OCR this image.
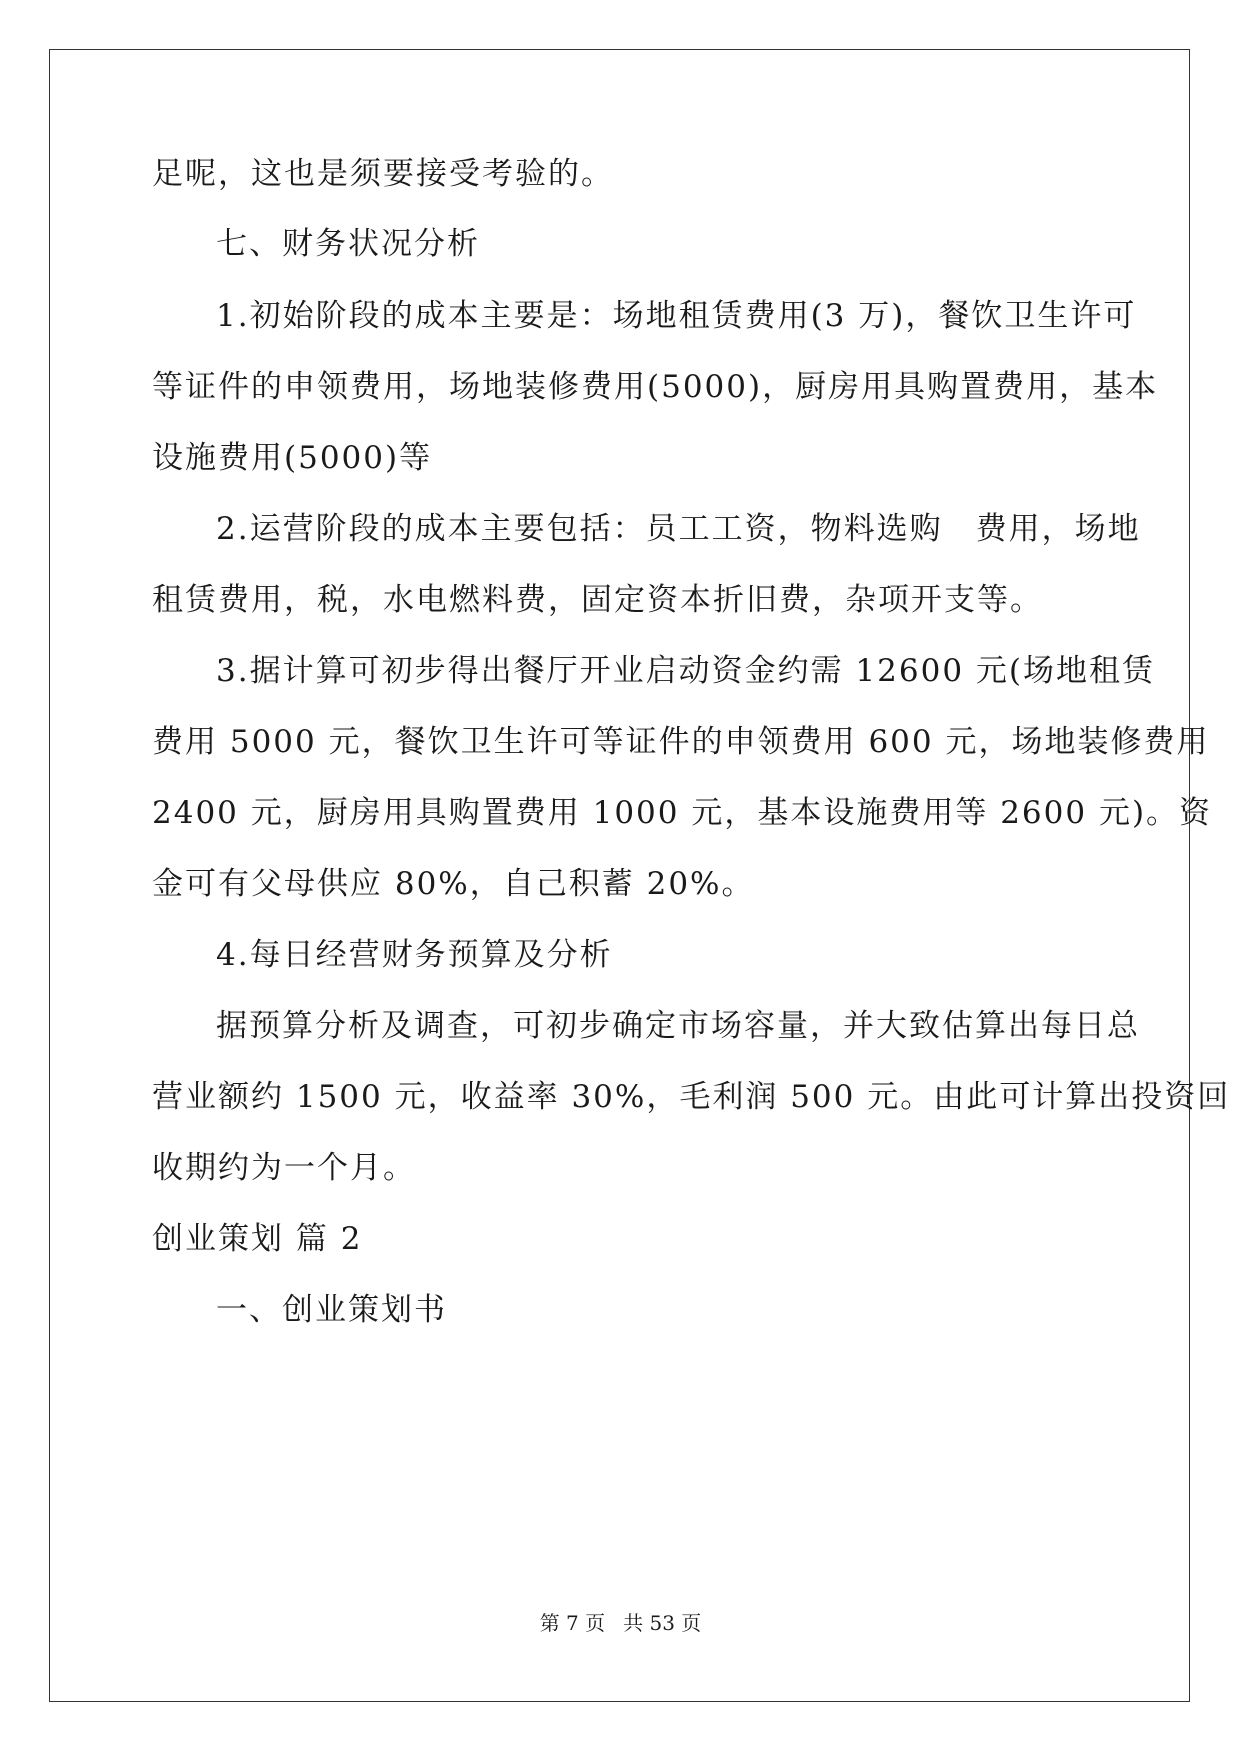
足呢，这也是须要接受考验的。
七、财务状况分析
1.初始阶段的成本主要是：场地租赁费用(3 万)，餐饮卫生许可
等证件的申领费用，场地装修费用(5000)，厨房用具购置费用，基本
设施费用(5000)等
2.运营阶段的成本主要包括：员工工资，物料选购　费用，场地
租赁费用，税，水电燃料费，固定资本折旧费，杂项开支等。
3.据计算可初步得出餐厅开业启动资金约需 12600 元(场地租赁
费用 5000 元，餐饮卫生许可等证件的申领费用 600 元，场地装修费用
2400 元，厨房用具购置费用 1000 元，基本设施费用等 2600 元)。资
金可有父母供应 80%，自己积蓄 20%。
4.每日经营财务预算及分析
据预算分析及调查，可初步确定市场容量，并大致估算出每日总
营业额约 1500 元，收益率 30%，毛利润 500 元。由此可计算出投资回
收期约为一个月。
创业策划 篇 2
一、创业策划书
第 7 页 共 53 页
